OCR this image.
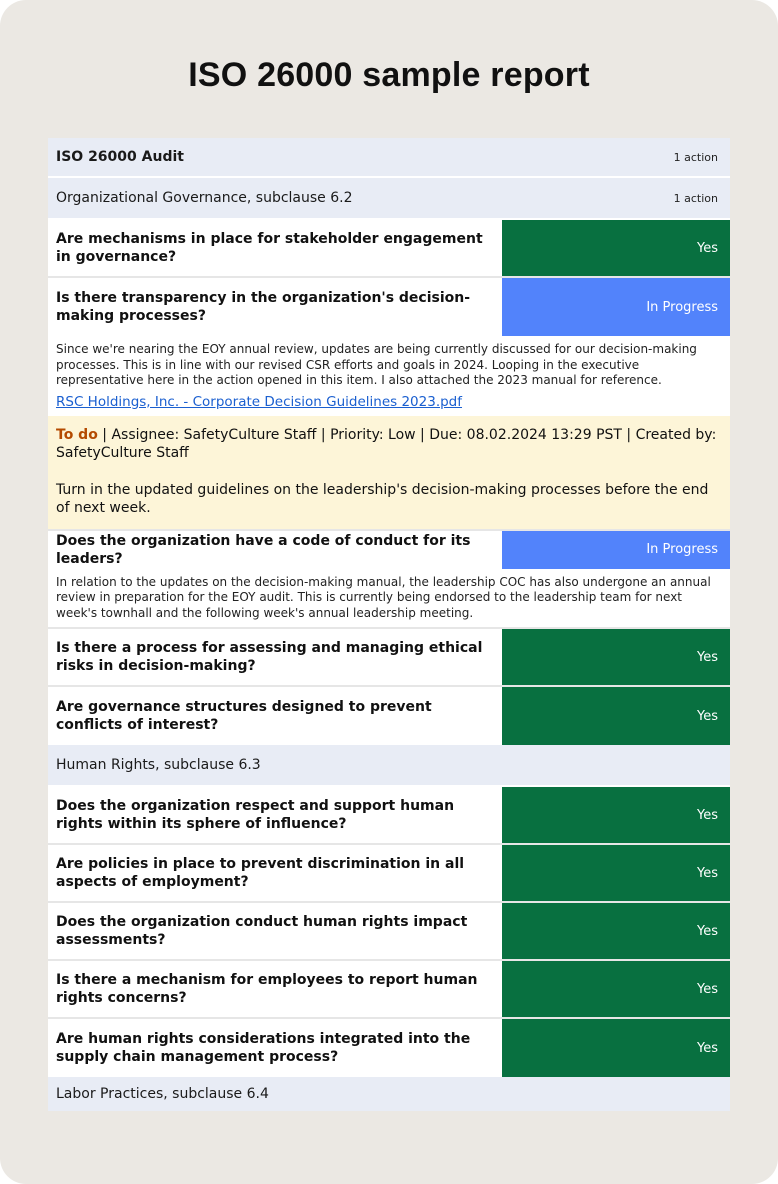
ISO 26000 sample report
ISO 26000 Audit	1 action
Organizational Governance, subclause 6.2	1 action
Are mechanisms in place for stakeholder engagement in governance?
Yes
Is there transparency in the organization's decision-making processes?
In Progress
Since we're nearing the EOY annual review, updates are being currently discussed for our decision-making processes. This is in line with our revised CSR efforts and goals in 2024. Looping in the executive representative here in the action opened in this item. I also attached the 2023 manual for reference.
RSC Holdings, Inc. - Corporate Decision Guidelines 2023.pdf
To do | Assignee: SafetyCulture Staff | Priority: Low | Due: 08.02.2024 13:29 PST | Created by: SafetyCulture Staff
Turn in the updated guidelines on the leadership's decision-making processes before the end of next week.
Does the organization have a code of conduct for its leaders?
In Progress
In relation to the updates on the decision-making manual, the leadership COC has also undergone an annual review in preparation for the EOY audit. This is currently being endorsed to the leadership team for next week's townhall and the following week's annual leadership meeting.
Is there a process for assessing and managing ethical risks in decision-making?
Yes
Are governance structures designed to prevent conflicts of interest?
Yes
Human Rights, subclause 6.3
Does the organization respect and support human rights within its sphere of influence?
Yes
Are policies in place to prevent discrimination in all aspects of employment?
Yes
Does the organization conduct human rights impact assessments?
Yes
Is there a mechanism for employees to report human rights concerns?
Yes
Are human rights considerations integrated into the supply chain management process?
Yes
Labor Practices, subclause 6.4
